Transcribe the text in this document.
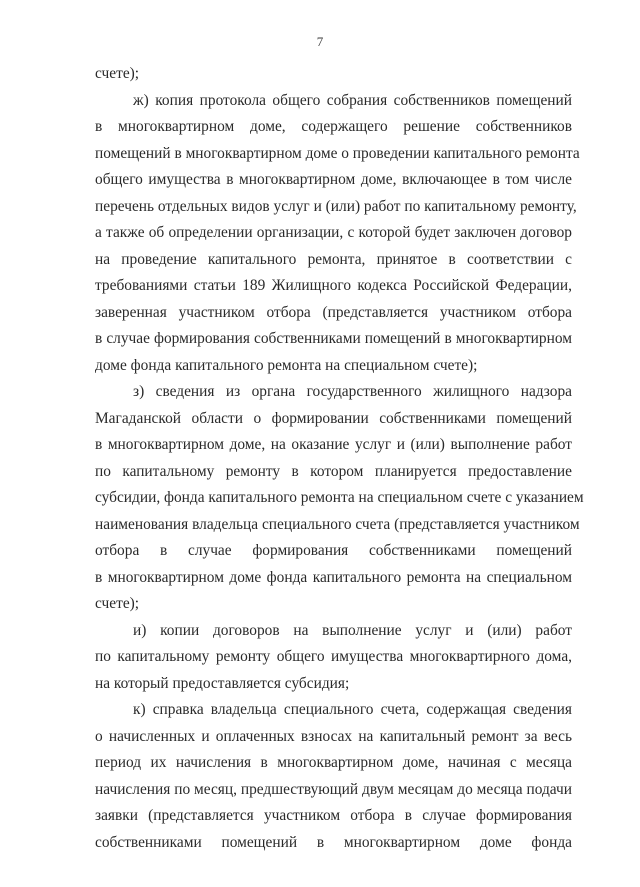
7
счете);
ж) копия протокола общего собрания собственников помещений
в многоквартирном доме, содержащего решение собственников
помещений в многоквартирном доме о проведении капитального ремонта
общего имущества в многоквартирном доме, включающее в том числе
перечень отдельных видов услуг и (или) работ по капитальному ремонту,
а также об определении организации, с которой будет заключен договор
на проведение капитального ремонта, принятое в соответствии с
требованиями статьи 189 Жилищного кодекса Российской Федерации,
заверенная участником отбора (представляется участником отбора
в случае формирования собственниками помещений в многоквартирном
доме фонда капитального ремонта на специальном счете);
з) сведения из органа государственного жилищного надзора
Магаданской области о формировании собственниками помещений
в многоквартирном доме, на оказание услуг и (или) выполнение работ
по капитальному ремонту в котором планируется предоставление
субсидии, фонда капитального ремонта на специальном счете с указанием
наименования владельца специального счета (представляется участником
отбора в случае формирования собственниками помещений
в многоквартирном доме фонда капитального ремонта на специальном
счете);
и) копии договоров на выполнение услуг и (или) работ
по капитальному ремонту общего имущества многоквартирного дома,
на который предоставляется субсидия;
к) справка владельца специального счета, содержащая сведения
о начисленных и оплаченных взносах на капитальный ремонт за весь
период их начисления в многоквартирном доме, начиная с месяца
начисления по месяц, предшествующий двум месяцам до месяца подачи
заявки (представляется участником отбора в случае формирования
собственниками помещений в многоквартирном доме фонда
